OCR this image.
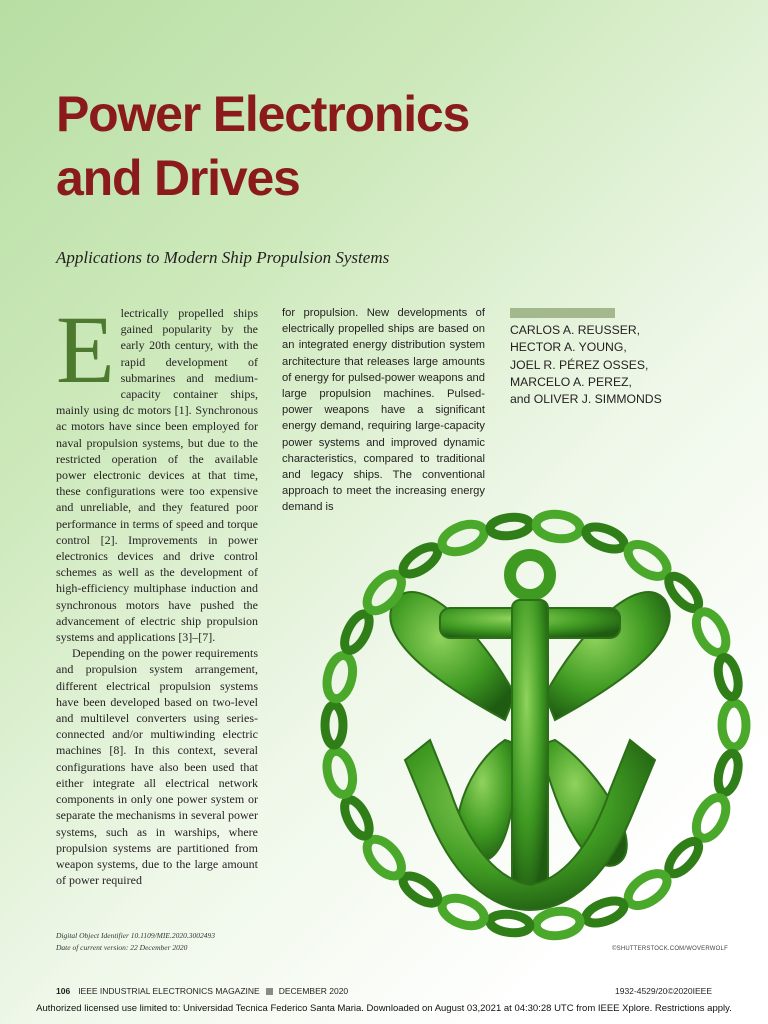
Power Electronics
and Drives

Applications to Modern Ship Propulsion Systems

Electrically propelled ships gained popularity by the early 20th century, with the rapid development of submarines and medium-capacity container ships, mainly using dc motors [1]. Synchronous ac motors have since been employed for naval propulsion systems, but due to the restricted operation of the available power electronic devices at that time, these configurations were too expensive and unreliable, and they featured poor performance in terms of speed and torque control [2]. Improvements in power electronics devices and drive control schemes as well as the development of high-efficiency multiphase induction and synchronous motors have pushed the advancement of electric ship propulsion systems and applications [3]–[7].

Depending on the power requirements and propulsion system arrangement, different electrical propulsion systems have been developed based on two-level and multilevel converters using series-connected and/or multiwinding electric machines [8]. In this context, several configurations have also been used that either integrate all electrical network components in only one power system or separate the mechanisms in several power systems, such as in warships, where propulsion systems are partitioned from weapon systems, due to the large amount of power required

for propulsion. New developments of electrically propelled ships are based on an integrated energy distribution system architecture that releases large amounts of energy for pulsed-power weapons and large propulsion machines. Pulsed-power weapons have a significant energy demand, requiring large-capacity power systems and improved dynamic characteristics, compared to traditional and legacy ships. The conventional approach to meet the increasing energy demand is

CARLOS A. REUSSER,
HECTOR A. YOUNG,
JOEL R. PÉREZ OSSES,
MARCELO A. PEREZ,
and OLIVER J. SIMMONDS
©SHUTTERSTOCK.COM/WOVERWOLF
Digital Object Identifier 10.1109/MIE.2020.3002493
Date of current version: 22 December 2020
106 IEEE INDUSTRIAL ELECTRONICS MAGAZINE DECEMBER 2020	1932-4529/20©2020IEEE
Authorized licensed use limited to: Universidad Tecnica Federico Santa Maria. Downloaded on August 03,2021 at 04:30:28 UTC from IEEE Xplore. Restrictions apply.
